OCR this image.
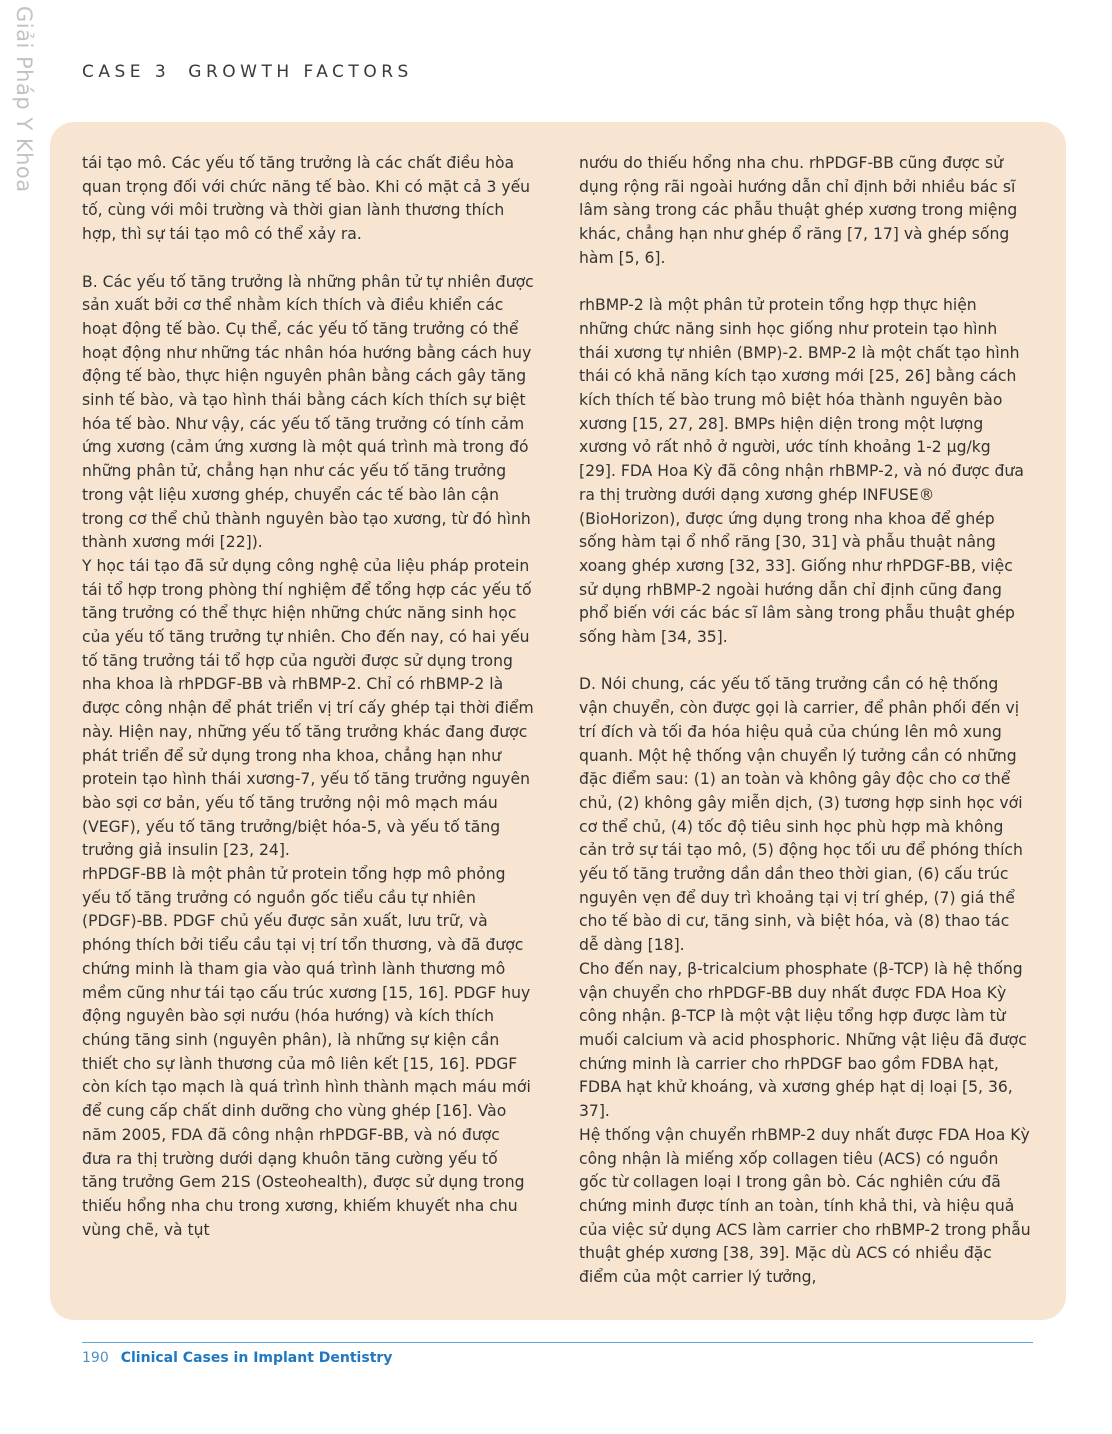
Giải Pháp Y Khoa	CASE 3 GROWTH FACTORS

tái tạo mô. Các yếu tố tăng trưởng là các chất điều hòa quan trọng đối với chức năng tế bào. Khi có mặt cả 3 yếu tố, cùng với môi trường và thời gian lành thương thích hợp, thì sự tái tạo mô có thể xảy ra.

B. Các yếu tố tăng trưởng là những phân tử tự nhiên được sản xuất bởi cơ thể nhằm kích thích và điều khiển các hoạt động tế bào. Cụ thể, các yếu tố tăng trưởng có thể hoạt động như những tác nhân hóa hướng bằng cách huy động tế bào, thực hiện nguyên phân bằng cách gây tăng sinh tế bào, và tạo hình thái bằng cách kích thích sự biệt hóa tế bào. Như vậy, các yếu tố tăng trưởng có tính cảm ứng xương (cảm ứng xương là một quá trình mà trong đó những phân tử, chẳng hạn như các yếu tố tăng trưởng trong vật liệu xương ghép, chuyển các tế bào lân cận trong cơ thể chủ thành nguyên bào tạo xương, từ đó hình thành xương mới [22]).

Y học tái tạo đã sử dụng công nghệ của liệu pháp protein tái tổ hợp trong phòng thí nghiệm để tổng hợp các yếu tố tăng trưởng có thể thực hiện những chức năng sinh học của yếu tố tăng trưởng tự nhiên. Cho đến nay, có hai yếu tố tăng trưởng tái tổ hợp của người được sử dụng trong nha khoa là rhPDGF-BB và rhBMP-2. Chỉ có rhBMP-2 là được công nhận để phát triển vị trí cấy ghép tại thời điểm này. Hiện nay, những yếu tố tăng trưởng khác đang được phát triển để sử dụng trong nha khoa, chẳng hạn như protein tạo hình thái xương-7, yếu tố tăng trưởng nguyên bào sợi cơ bản, yếu tố tăng trưởng nội mô mạch máu (VEGF), yếu tố tăng trưởng/biệt hóa-5, và yếu tố tăng trưởng giả insulin [23, 24].

rhPDGF-BB là một phân tử protein tổng hợp mô phỏng yếu tố tăng trưởng có nguồn gốc tiểu cầu tự nhiên (PDGF)-BB. PDGF chủ yếu được sản xuất, lưu trữ, và phóng thích bởi tiểu cầu tại vị trí tổn thương, và đã được chứng minh là tham gia vào quá trình lành thương mô mềm cũng như tái tạo cấu trúc xương [15, 16]. PDGF huy động nguyên bào sợi nướu (hóa hướng) và kích thích chúng tăng sinh (nguyên phân), là những sự kiện cần thiết cho sự lành thương của mô liên kết [15, 16]. PDGF còn kích tạo mạch là quá trình hình thành mạch máu mới để cung cấp chất dinh dưỡng cho vùng ghép [16]. Vào năm 2005, FDA đã công nhận rhPDGF-BB, và nó được đưa ra thị trường dưới dạng khuôn tăng cường yếu tố tăng trưởng Gem 21S (Osteohealth), được sử dụng trong thiếu hổng nha chu trong xương, khiếm khuyết nha chu vùng chẽ, và tụt

nướu do thiếu hổng nha chu. rhPDGF-BB cũng được sử dụng rộng rãi ngoài hướng dẫn chỉ định bởi nhiều bác sĩ lâm sàng trong các phẫu thuật ghép xương trong miệng khác, chẳng hạn như ghép ổ răng [7, 17] và ghép sống hàm [5, 6].

rhBMP-2 là một phân tử protein tổng hợp thực hiện những chức năng sinh học giống như protein tạo hình thái xương tự nhiên (BMP)-2. BMP-2 là một chất tạo hình thái có khả năng kích tạo xương mới [25, 26] bằng cách kích thích tế bào trung mô biệt hóa thành nguyên bào xương [15, 27, 28]. BMPs hiện diện trong một lượng xương vỏ rất nhỏ ở người, ước tính khoảng 1-2 µg/kg [29]. FDA Hoa Kỳ đã công nhận rhBMP-2, và nó được đưa ra thị trường dưới dạng xương ghép INFUSE® (BioHorizon), được ứng dụng trong nha khoa để ghép sống hàm tại ổ nhổ răng [30, 31] và phẫu thuật nâng xoang ghép xương [32, 33]. Giống như rhPDGF-BB, việc sử dụng rhBMP-2 ngoài hướng dẫn chỉ định cũng đang phổ biến với các bác sĩ lâm sàng trong phẫu thuật ghép sống hàm [34, 35].

D. Nói chung, các yếu tố tăng trưởng cần có hệ thống vận chuyển, còn được gọi là carrier, để phân phối đến vị trí đích và tối đa hóa hiệu quả của chúng lên mô xung quanh. Một hệ thống vận chuyển lý tưởng cần có những đặc điểm sau: (1) an toàn và không gây độc cho cơ thể chủ, (2) không gây miễn dịch, (3) tương hợp sinh học với cơ thể chủ, (4) tốc độ tiêu sinh học phù hợp mà không cản trở sự tái tạo mô, (5) động học tối ưu để phóng thích yếu tố tăng trưởng dần dần theo thời gian, (6) cấu trúc nguyên vẹn để duy trì khoảng tại vị trí ghép, (7) giá thể cho tế bào di cư, tăng sinh, và biệt hóa, và (8) thao tác dễ dàng [18].

Cho đến nay, β-tricalcium phosphate (β-TCP) là hệ thống vận chuyển cho rhPDGF-BB duy nhất được FDA Hoa Kỳ công nhận. β-TCP là một vật liệu tổng hợp được làm từ muối calcium và acid phosphoric. Những vật liệu đã được chứng minh là carrier cho rhPDGF bao gồm FDBA hạt, FDBA hạt khử khoáng, và xương ghép hạt dị loại [5, 36, 37].

Hệ thống vận chuyển rhBMP-2 duy nhất được FDA Hoa Kỳ công nhận là miếng xốp collagen tiêu (ACS) có nguồn gốc từ collagen loại I trong gân bò. Các nghiên cứu đã chứng minh được tính an toàn, tính khả thi, và hiệu quả của việc sử dụng ACS làm carrier cho rhBMP-2 trong phẫu thuật ghép xương [38, 39]. Mặc dù ACS có nhiều đặc điểm của một carrier lý tưởng,

190 Clinical Cases in Implant Dentistry
